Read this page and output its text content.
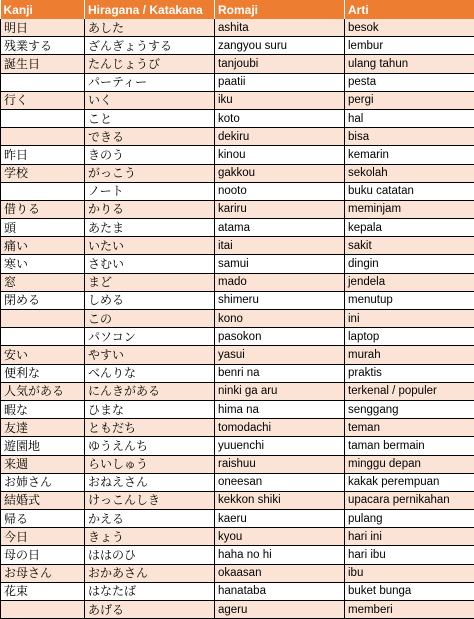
Kanji	Hiragana / Katakana	Romaji	Arti
明日	あした	ashita	besok
残業する	ざんぎょうする	zangyou suru	lembur
誕生日	たんじょうび	tanjoubi	ulang tahun
	パーティー	paatii	pesta
行く	いく	iku	pergi
	こと	koto	hal
	できる	dekiru	bisa
昨日	きのう	kinou	kemarin
学校	がっこう	gakkou	sekolah
	ノート	nooto	buku catatan
借りる	かりる	kariru	meminjam
頭	あたま	atama	kepala
痛い	いたい	itai	sakit
寒い	さむい	samui	dingin
窓	まど	mado	jendela
閉める	しめる	shimeru	menutup
	この	kono	ini
	パソコン	pasokon	laptop
安い	やすい	yasui	murah
便利な	べんりな	benri na	praktis
人気がある	にんきがある	ninki ga aru	terkenal / populer
暇な	ひまな	hima na	senggang
友達	ともだち	tomodachi	teman
遊園地	ゆうえんち	yuuenchi	taman bermain
来週	らいしゅう	raishuu	minggu depan
お姉さん	おねえさん	oneesan	kakak perempuan
結婚式	けっこんしき	kekkon shiki	upacara pernikahan
帰る	かえる	kaeru	pulang
今日	きょう	kyou	hari ini
母の日	ははのひ	haha no hi	hari ibu
お母さん	おかあさん	okaasan	ibu
花束	はなたば	hanataba	buket bunga
	あげる	ageru	memberi
